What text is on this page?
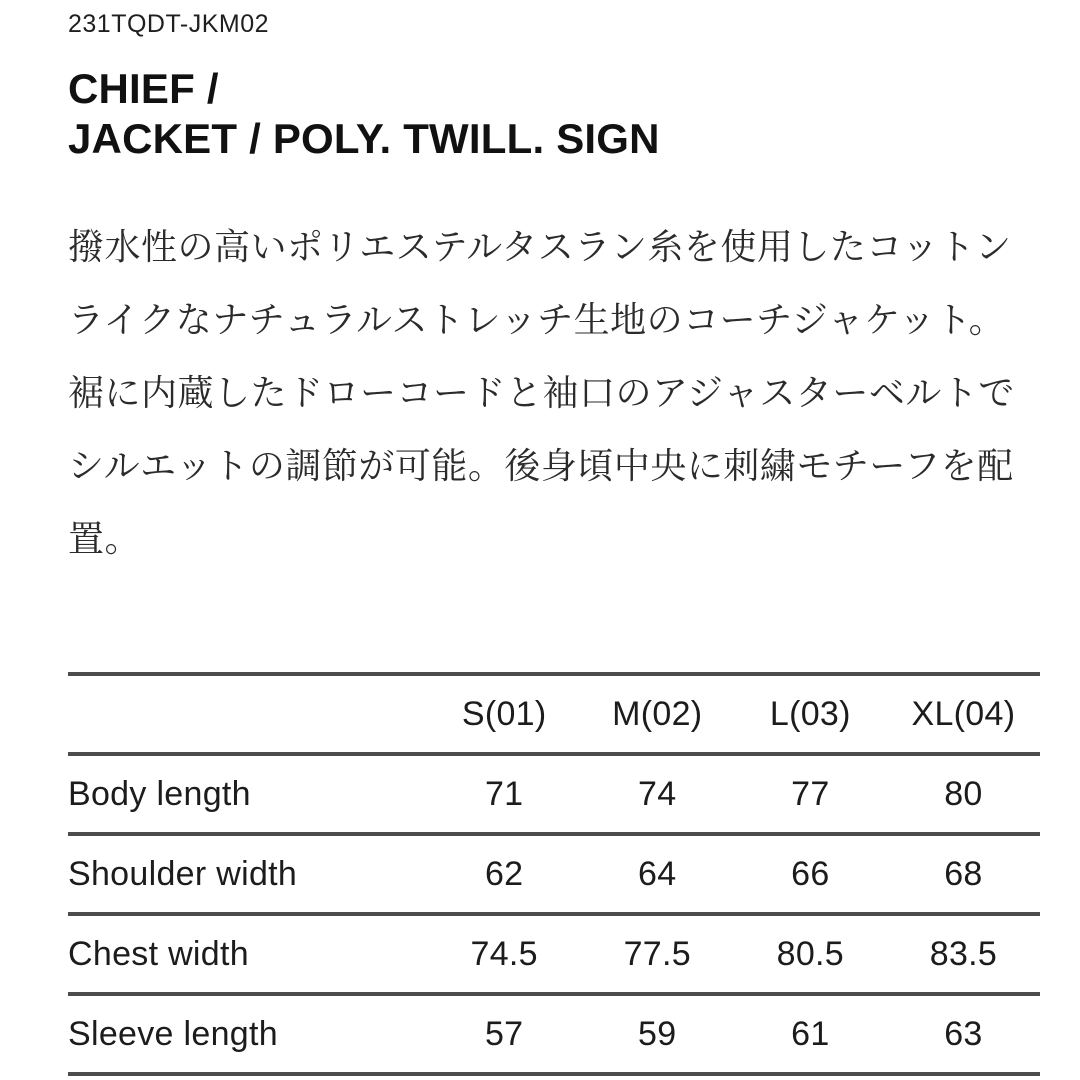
231TQDT-JKM02
CHIEF /
JACKET / POLY. TWILL. SIGN
撥水性の高いポリエステルタスラン糸を使用したコットン
ライクなナチュラルストレッチ生地のコーチジャケット。
裾に内蔵したドローコードと袖口のアジャスターベルトで
シルエットの調節が可能。後身頃中央に刺繍モチーフを配
置。
	S(01)	M(02)	L(03)	XL(04)
Body length	71	74	77	80
Shoulder width	62	64	66	68
Chest width	74.5	77.5	80.5	83.5
Sleeve length	57	59	61	63
